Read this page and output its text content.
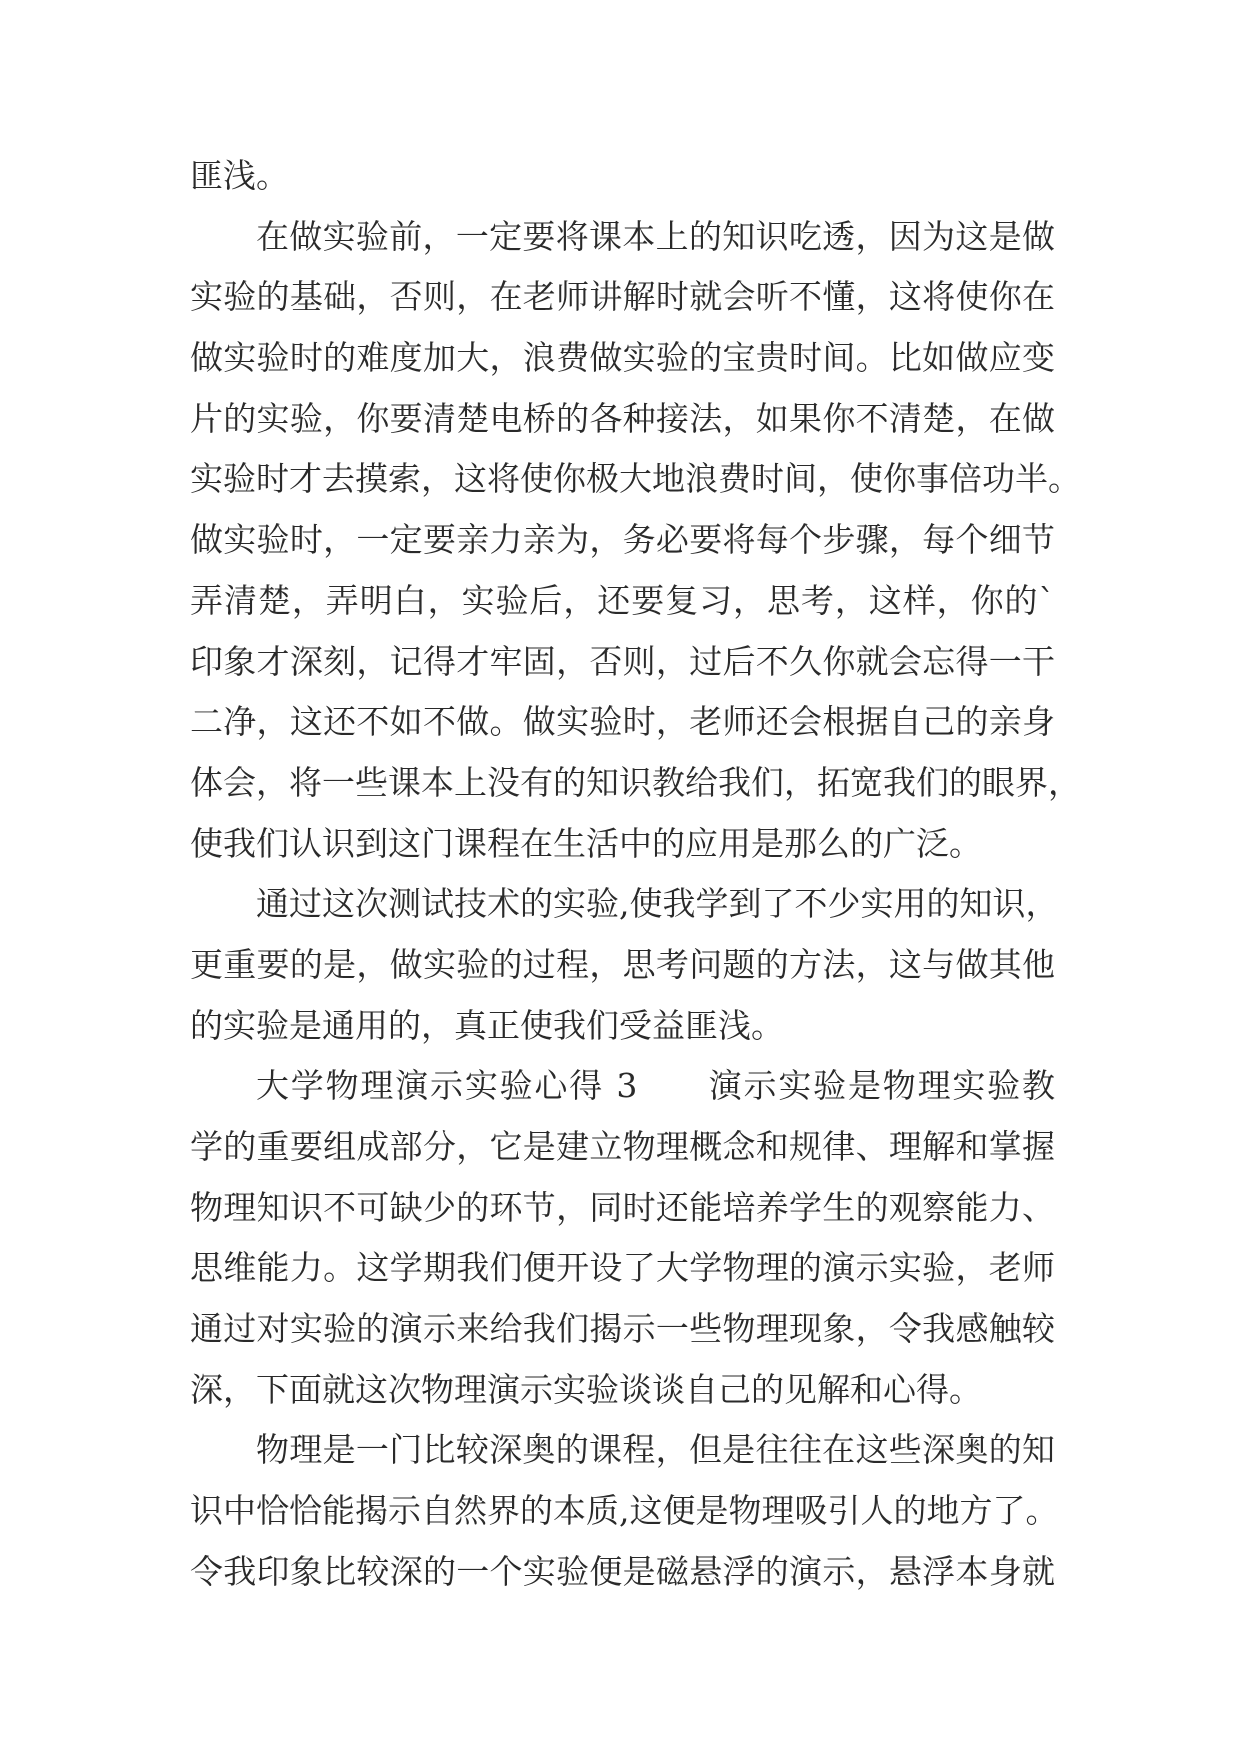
匪浅。
在做实验前，一定要将课本上的知识吃透，因为这是做
实验的基础，否则，在老师讲解时就会听不懂，这将使你在
做实验时的难度加大，浪费做实验的宝贵时间。比如做应变
片的实验，你要清楚电桥的各种接法，如果你不清楚，在做
实验时才去摸索，这将使你极大地浪费时间，使你事倍功半。
做实验时，一定要亲力亲为，务必要将每个步骤，每个细节
弄清楚，弄明白，实验后，还要复习，思考，这样，你的`
印象才深刻，记得才牢固，否则，过后不久你就会忘得一干
二净，这还不如不做。做实验时，老师还会根据自己的亲身
体会，将一些课本上没有的知识教给我们，拓宽我们的眼界，
使我们认识到这门课程在生活中的应用是那么的广泛。
通过这次测试技术的实验,使我学到了不少实用的知识，
更重要的是，做实验的过程，思考问题的方法，这与做其他
的实验是通用的，真正使我们受益匪浅。
大学物理演示实验心得 3　　演示实验是物理实验教
学的重要组成部分，它是建立物理概念和规律、理解和掌握
物理知识不可缺少的环节，同时还能培养学生的观察能力、
思维能力。这学期我们便开设了大学物理的演示实验，老师
通过对实验的演示来给我们揭示一些物理现象，令我感触较
深，下面就这次物理演示实验谈谈自己的见解和心得。
物理是一门比较深奥的课程，但是往往在这些深奥的知
识中恰恰能揭示自然界的本质,这便是物理吸引人的地方了。
令我印象比较深的一个实验便是磁悬浮的演示，悬浮本身就
